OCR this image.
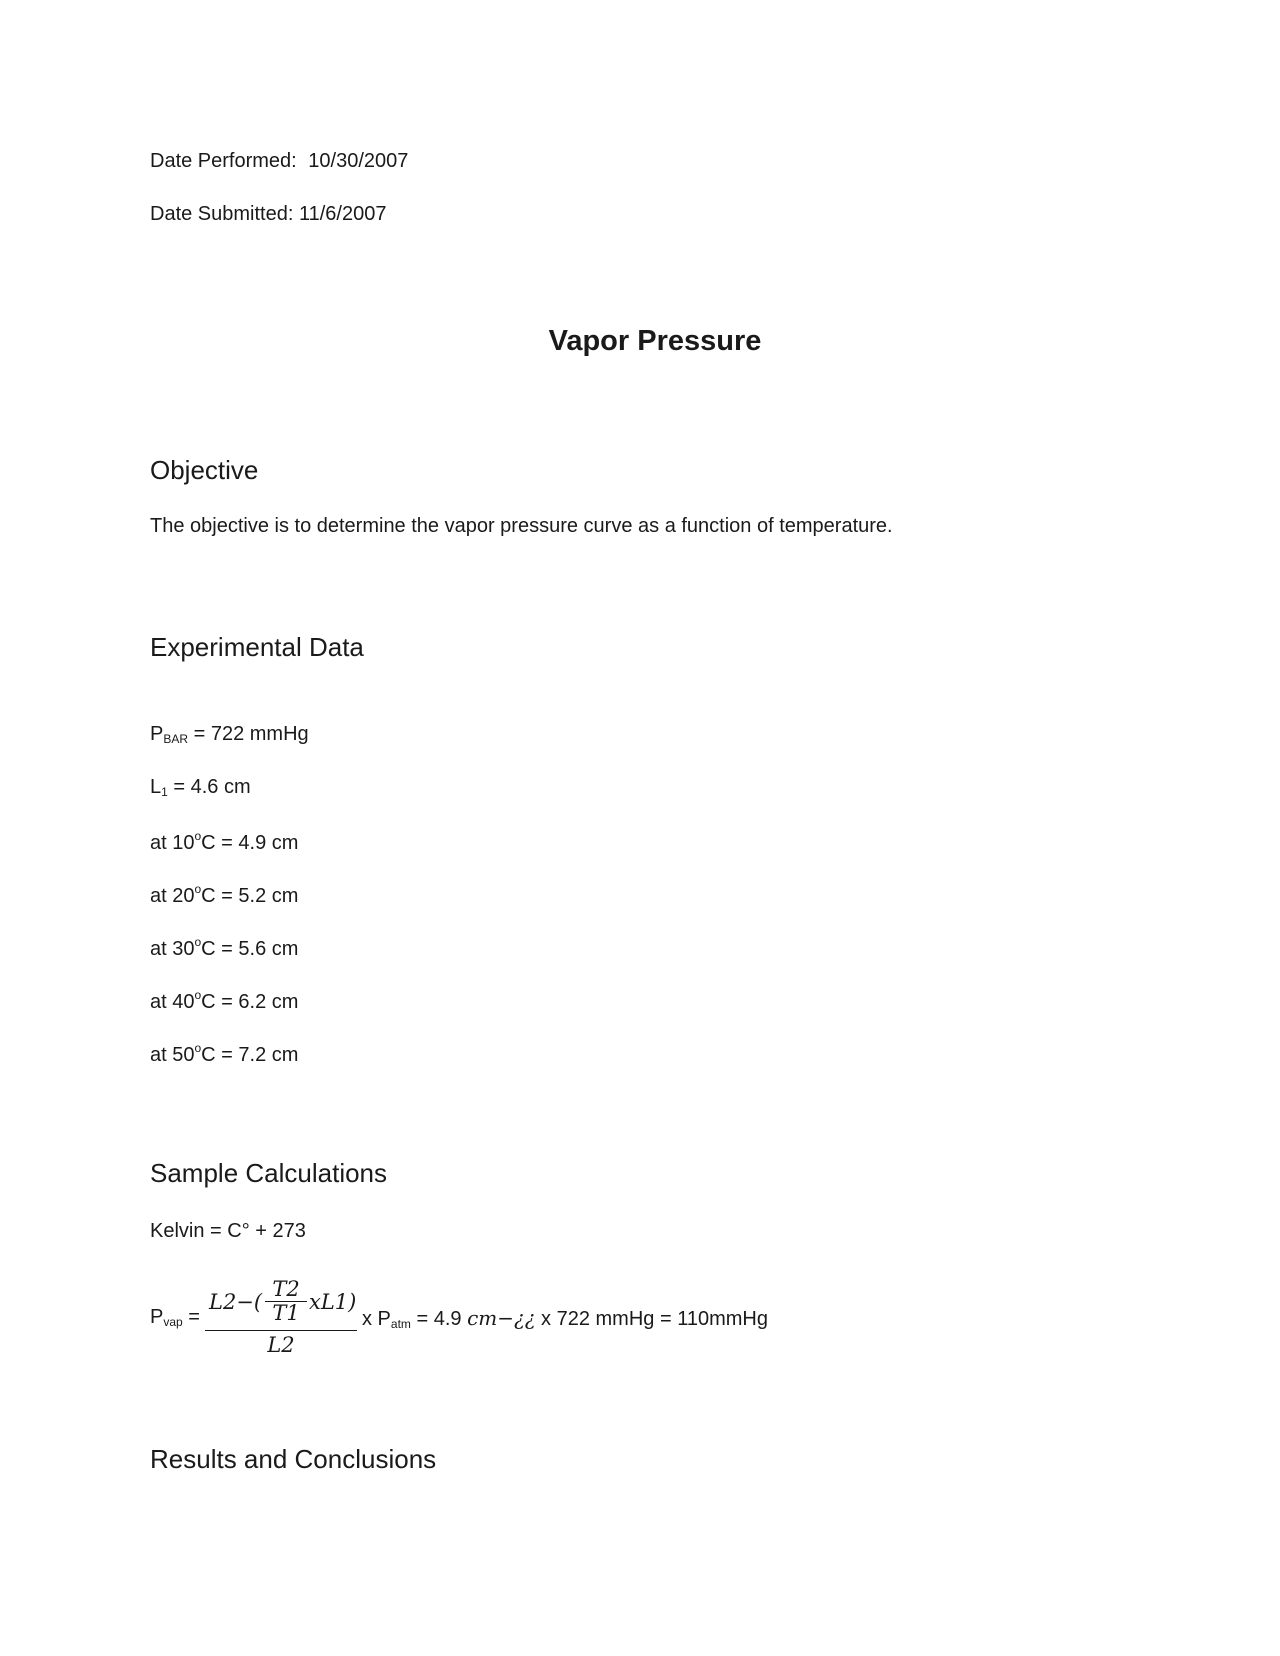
Date Performed: 10/30/2007
Date Submitted: 11/6/2007
Vapor Pressure
Objective
The objective is to determine the vapor pressure curve as a function of temperature.
Experimental Data
$P_{BAR} = 722$ mmHg
$L_1 = 4.6$ cm
at $10^oC = 4.9$ cm
at $20^oC = 5.2$ cm
at $30^oC = 5.6$ cm
at $40^oC = 6.2$ cm
at $50^oC = 7.2$ cm
Sample Calculations
Kelvin = C° + 273
$P_{vap}$ =
$L2-( \frac{T2}{T1} xL1)$
L2
x $P_{atm} = 4.9$ cm−¿¿ x 722 mmHg = 110mmHg
Results and Conclusions
